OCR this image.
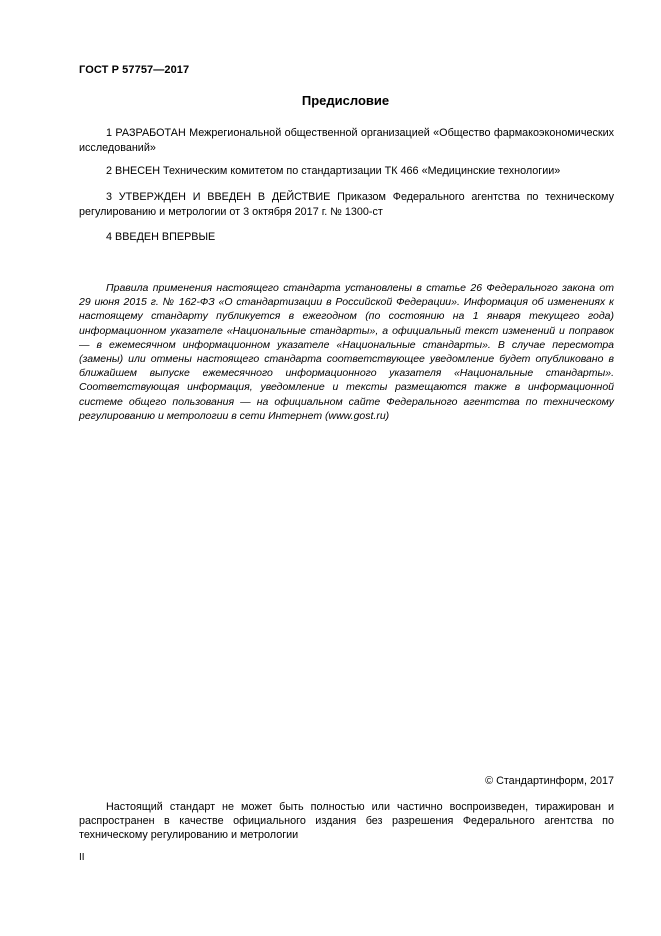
ГОСТ Р 57757—2017
Предисловие
1 РАЗРАБОТАН Межрегиональной общественной организацией «Общество фармакоэкономических исследований»
2 ВНЕСЕН Техническим комитетом по стандартизации ТК 466 «Медицинские технологии»
3 УТВЕРЖДЕН И ВВЕДЕН В ДЕЙСТВИЕ Приказом Федерального агентства по техническому регулированию и метрологии от 3 октября 2017 г. № 1300-ст
4 ВВЕДЕН ВПЕРВЫЕ
Правила применения настоящего стандарта установлены в статье 26 Федерального закона от 29 июня 2015 г. № 162-ФЗ «О стандартизации в Российской Федерации». Информация об изменениях к настоящему стандарту публикуется в ежегодном (по состоянию на 1 января текущего года) информационном указателе «Национальные стандарты», а официальный текст изменений и поправок — в ежемесячном информационном указателе «Национальные стандарты». В случае пересмотра (замены) или отмены настоящего стандарта соответствующее уведомление будет опубликовано в ближайшем выпуске ежемесячного информационного указателя «Национальные стандарты». Соответствующая информация, уведомление и тексты размещаются также в информационной системе общего пользования — на официальном сайте Федерального агентства по техническому регулированию и метрологии в сети Интернет (www.gost.ru)
© Стандартинформ, 2017
Настоящий стандарт не может быть полностью или частично воспроизведен, тиражирован и распространен в качестве официального издания без разрешения Федерального агентства по техническому регулированию и метрологии
II
